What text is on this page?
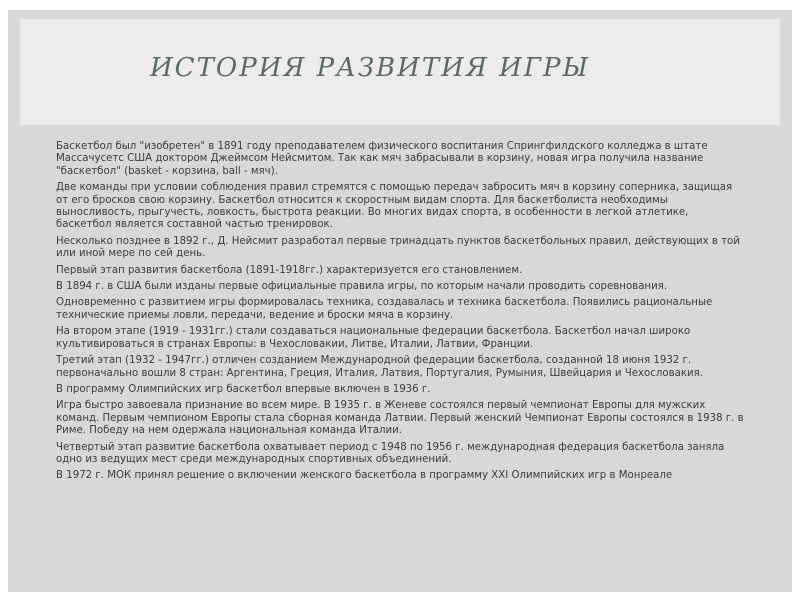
ИСТОРИЯ РАЗВИТИЯ ИГРЫ

Баскетбол был "изобретен" в 1891 году преподавателем физического воспитания Спрингфилдского колледжа в штате Массачусетс США доктором Джеймсом Нейсмитом. Так как мяч забрасывали в корзину, новая игра получила название "баскетбол" (basket - корзина, ball - мяч).

Две команды при условии соблюдения правил стремятся с помощью передач забросить мяч в корзину соперника, защищая от его бросков свою корзину. Баскетбол относится к скоростным видам спорта. Для баскетболиста необходимы выносливость, прыгучесть, ловкость, быстрота реакции. Во многих видах спорта, в особенности в легкой атлетике, баскетбол является составной частью тренировок.

Несколько позднее в 1892 г., Д. Нейсмит разработал первые тринадцать пунктов баскетбольных правил, действующих в той или иной мере по сей день.

Первый этап развития баскетбола (1891-1918гг.) характеризуется его становлением.

В 1894 г. в США были изданы первые официальные правила игры, по которым начали проводить соревнования.

Одновременно с развитием игры формировалась техника, создавалась и техника баскетбола. Появились рациональные технические приемы ловли, передачи, ведение и броски мяча в корзину.

На втором этапе (1919 - 1931гг.) стали создаваться национальные федерации баскетбола. Баскетбол начал широко культивироваться в странах Европы: в Чехословакии, Литве, Италии, Латвии, Франции.

Третий этап (1932 - 1947гг.) отличен созданием Международной федерации баскетбола, созданной 18 июня 1932 г. первоначально вошли 8 стран: Аргентина, Греция, Италия, Латвия, Португалия, Румыния, Швейцария и Чехословакия.

В программу Олимпийских игр баскетбол впервые включен в 1936 г.

Игра быстро завоевала признание во всем мире. В 1935 г. в Женеве состоялся первый чемпионат Европы для мужских команд. Первым чемпионом Европы стала сборная команда Латвии. Первый женский Чемпионат Европы состоялся в 1938 г. в Риме. Победу на нем одержала национальная команда Италии.

Четвертый этап развитие баскетбола охватывает период с 1948 по 1956 г. международная федерация баскетбола заняла одно из ведущих мест среди международных спортивных объединений.

В 1972 г. МОК принял решение о включении женского баскетбола в программу XXI Олимпийских игр в Монреале
